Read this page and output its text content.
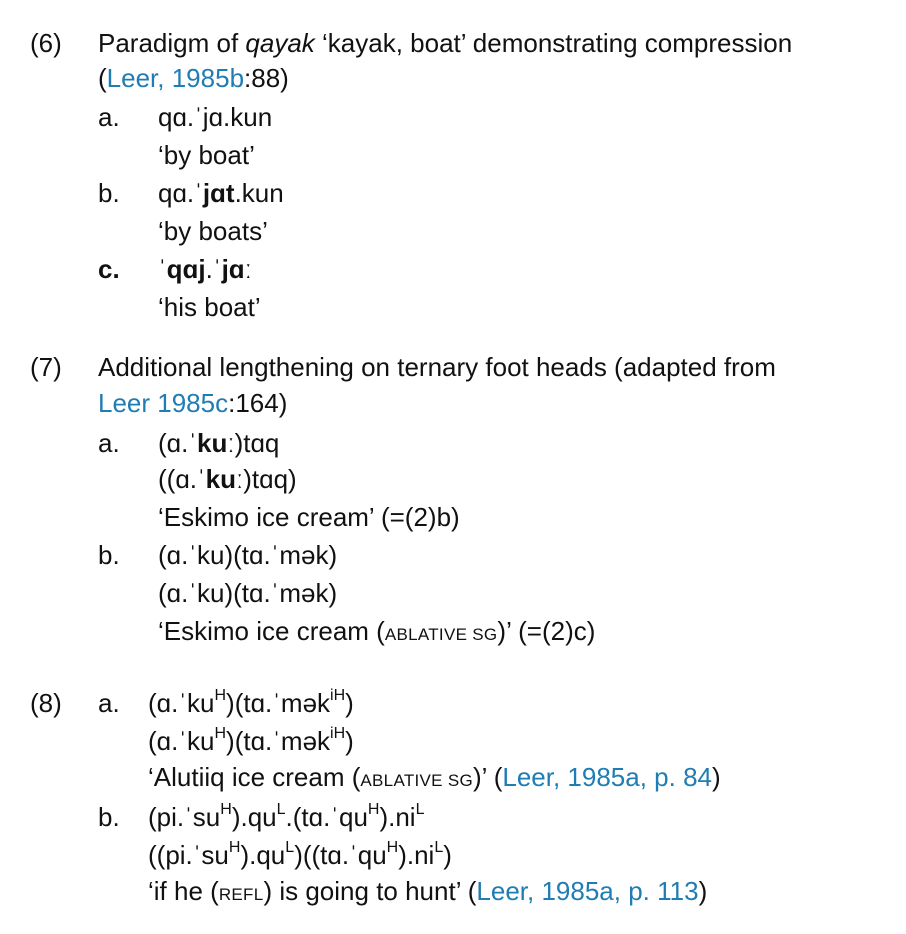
(6) Paradigm of qayak ‘kayak, boat’ demonstrating compression
(Leer, 1985b:88)
a. qɑ.ˈjɑ.kun
‘by boat’
b. qɑ.ˈjɑt.kun
‘by boats’
c. ˈqɑj.ˈjɑː
‘his boat’
(7) Additional lengthening on ternary foot heads (adapted from
Leer 1985c:164)
a. (ɑ.ˈkuː)tɑq
((ɑ.ˈkuː)tɑq)
‘Eskimo ice cream’ (=(2)b)
b. (ɑ.ˈku)(tɑ.ˈmək)
(ɑ.ˈku)(tɑ.ˈmək)
‘Eskimo ice cream (ABLATIVE SG)’ (=(2)c)
(8) a. (ɑ.ˈku$^H$)(tɑ.ˈmək$^{iH}$)
(ɑ.ˈku$^H$)(tɑ.ˈmək$^{iH}$)
‘Alutiiq ice cream (ABLATIVE SG)’ (Leer, 1985a, p. 84)
b. $(pi.ˈsu^H).qu^L.(tɑ.ˈqu^H).ni^L$
$((pi.ˈsu^H).qu^L)((tɑ.ˈqu^H).ni^L)$
‘if he (REFL) is going to hunt’ (Leer, 1985a, p. 113)
